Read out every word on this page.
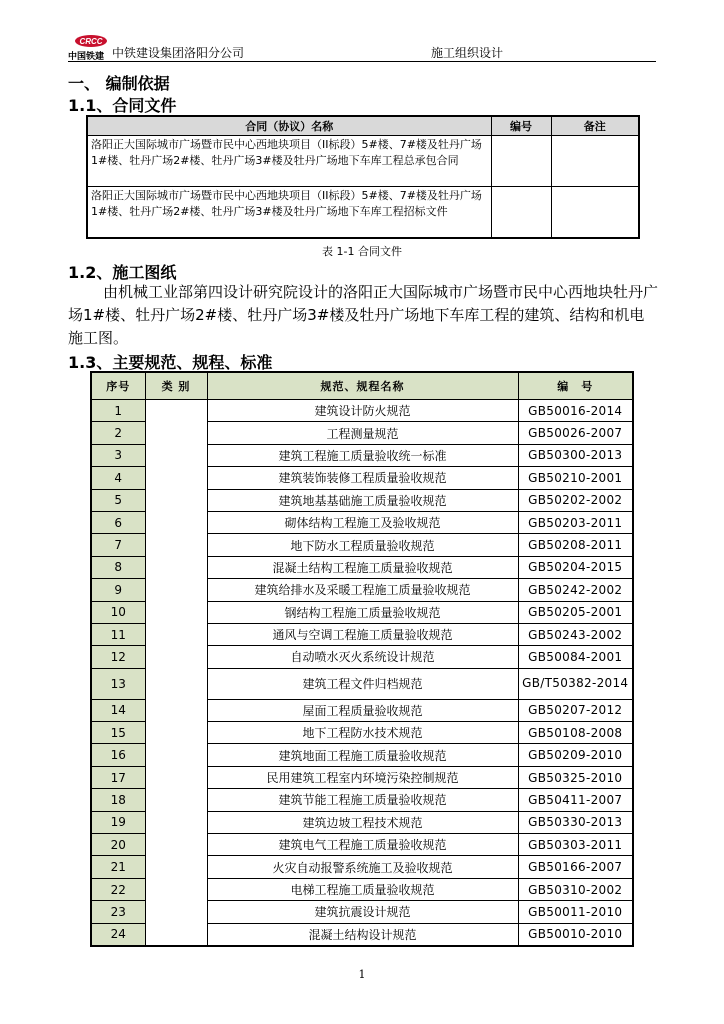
CRCC
中国铁建 中铁建设集团洛阳分公司	施工组织设计
一、 编制依据
1.1、合同文件
合同（协议）名称	编号	备注
洛阳正大国际城市广场暨市民中心西地块项目（II标段）5#楼、7#楼及牡丹广场1#楼、牡丹广场2#楼、牡丹广场3#楼及牡丹广场地下车库工程总承包合同		
洛阳正大国际城市广场暨市民中心西地块项目（II标段）5#楼、7#楼及牡丹广场1#楼、牡丹广场2#楼、牡丹广场3#楼及牡丹广场地下车库工程招标文件		
表 1-1 合同文件
1.2、施工图纸
由机械工业部第四设计研究院设计的洛阳正大国际城市广场暨市民中心西地块牡丹广场1#楼、牡丹广场2#楼、牡丹广场3#楼及牡丹广场地下车库工程的建筑、结构和机电施工图。
1.3、主要规范、规程、标准
序号	类 别	规范、规程名称	编　号
1		建筑设计防火规范	GB50016-2014
2		工程测量规范	GB50026-2007
3		建筑工程施工质量验收统一标准	GB50300-2013
4		建筑装饰装修工程质量验收规范	GB50210-2001
5		建筑地基基础施工质量验收规范	GB50202-2002
6		砌体结构工程施工及验收规范	GB50203-2011
7		地下防水工程质量验收规范	GB50208-2011
8		混凝土结构工程施工质量验收规范	GB50204-2015
9		建筑给排水及采暖工程施工质量验收规范	GB50242-2002
10		钢结构工程施工质量验收规范	GB50205-2001
11		通风与空调工程施工质量验收规范	GB50243-2002
12		自动喷水灭火系统设计规范	GB50084-2001
13		建筑工程文件归档规范	GB/T50382-2014
14		屋面工程质量验收规范	GB50207-2012
15		地下工程防水技术规范	GB50108-2008
16		建筑地面工程施工质量验收规范	GB50209-2010
17		民用建筑工程室内环境污染控制规范	GB50325-2010
18		建筑节能工程施工质量验收规范	GB50411-2007
19		建筑边坡工程技术规范	GB50330-2013
20		建筑电气工程施工质量验收规范	GB50303-2011
21		火灾自动报警系统施工及验收规范	GB50166-2007
22		电梯工程施工质量验收规范	GB50310-2002
23		建筑抗震设计规范	GB50011-2010
24		混凝土结构设计规范	GB50010-2010
1
